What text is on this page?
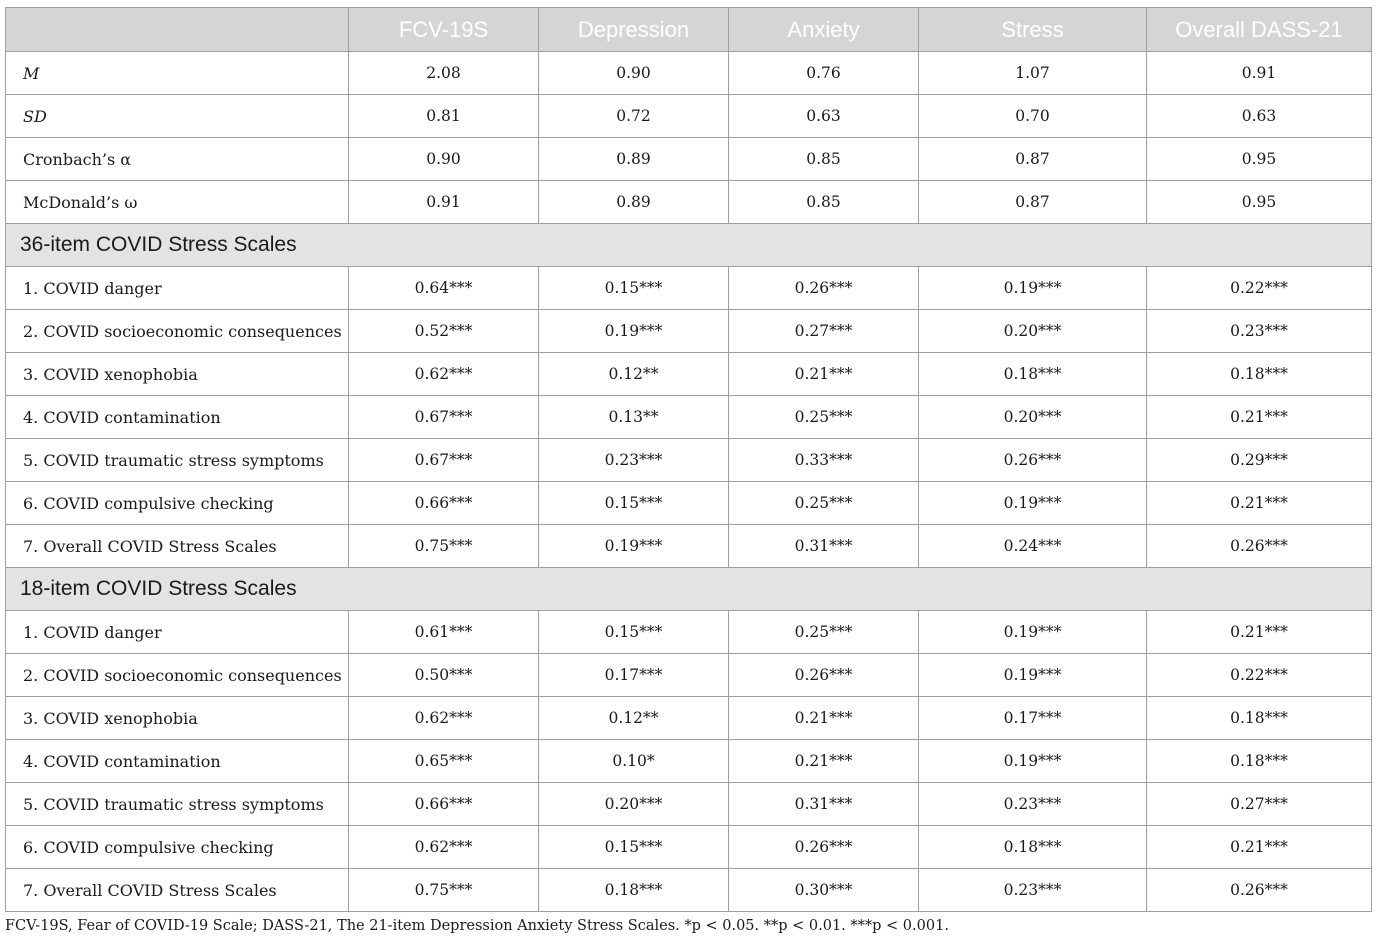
	FCV-19S	Depression	Anxiety	Stress	Overall DASS-21
M	2.08	0.90	0.76	1.07	0.91
SD	0.81	0.72	0.63	0.70	0.63
Cronbach’s α	0.90	0.89	0.85	0.87	0.95
McDonald’s ω	0.91	0.89	0.85	0.87	0.95
36-item COVID Stress Scales					
1. COVID danger	0.64***	0.15***	0.26***	0.19***	0.22***
2. COVID socioeconomic consequences	0.52***	0.19***	0.27***	0.20***	0.23***
3. COVID xenophobia	0.62***	0.12**	0.21***	0.18***	0.18***
4. COVID contamination	0.67***	0.13**	0.25***	0.20***	0.21***
5. COVID traumatic stress symptoms	0.67***	0.23***	0.33***	0.26***	0.29***
6. COVID compulsive checking	0.66***	0.15***	0.25***	0.19***	0.21***
7. Overall COVID Stress Scales	0.75***	0.19***	0.31***	0.24***	0.26***
18-item COVID Stress Scales					
1. COVID danger	0.61***	0.15***	0.25***	0.19***	0.21***
2. COVID socioeconomic consequences	0.50***	0.17***	0.26***	0.19***	0.22***
3. COVID xenophobia	0.62***	0.12**	0.21***	0.17***	0.18***
4. COVID contamination	0.65***	0.10*	0.21***	0.19***	0.18***
5. COVID traumatic stress symptoms	0.66***	0.20***	0.31***	0.23***	0.27***
6. COVID compulsive checking	0.62***	0.15***	0.26***	0.18***	0.21***
7. Overall COVID Stress Scales	0.75***	0.18***	0.30***	0.23***	0.26***
FCV-19S, Fear of COVID-19 Scale; DASS-21, The 21-item Depression Anxiety Stress Scales. *p < 0.05. **p < 0.01. ***p < 0.001.
